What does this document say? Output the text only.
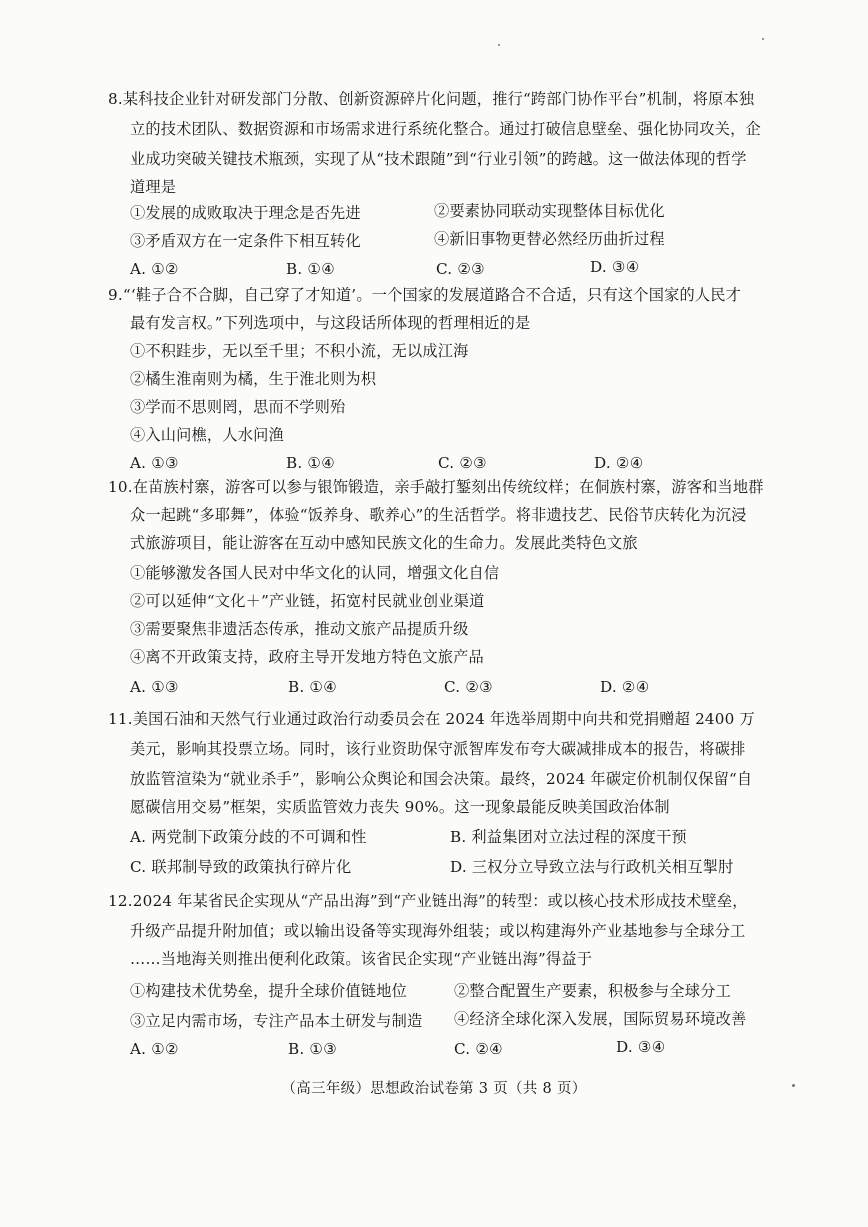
8.某科技企业针对研发部门分散、创新资源碎片化问题，推行“跨部门协作平台”机制，将原本独
立的技术团队、数据资源和市场需求进行系统化整合。通过打破信息壁垒、强化协同攻关，企
业成功突破关键技术瓶颈，实现了从“技术跟随”到“行业引领”的跨越。这一做法体现的哲学
道理是
①发展的成败取决于理念是否先进	②要素协同联动实现整体目标优化
③矛盾双方在一定条件下相互转化	④新旧事物更替必然经历曲折过程
A. ①②	B. ①④	C. ②③	D. ③④
9.“‘鞋子合不合脚，自己穿了才知道’。一个国家的发展道路合不合适，只有这个国家的人民才
最有发言权。”下列选项中，与这段话所体现的哲理相近的是
①不积跬步，无以至千里；不积小流，无以成江海
②橘生淮南则为橘，生于淮北则为枳
③学而不思则罔，思而不学则殆
④入山问樵，人水问渔
A. ①③	B. ①④	C. ②③	D. ②④
10.在苗族村寨，游客可以参与银饰锻造，亲手敲打錾刻出传统纹样；在侗族村寨，游客和当地群
众一起跳“多耶舞”，体验“饭养身、歌养心”的生活哲学。将非遗技艺、民俗节庆转化为沉浸
式旅游项目，能让游客在互动中感知民族文化的生命力。发展此类特色文旅
①能够激发各国人民对中华文化的认同，增强文化自信
②可以延伸“文化＋”产业链，拓宽村民就业创业渠道
③需要聚焦非遗活态传承，推动文旅产品提质升级
④离不开政策支持，政府主导开发地方特色文旅产品
A. ①③	B. ①④	C. ②③	D. ②④
11.美国石油和天然气行业通过政治行动委员会在 2024 年选举周期中向共和党捐赠超 2400 万
美元，影响其投票立场。同时，该行业资助保守派智库发布夸大碳减排成本的报告，将碳排
放监管渲染为“就业杀手”，影响公众舆论和国会决策。最终，2024 年碳定价机制仅保留“自
愿碳信用交易”框架，实质监管效力丧失 90%。这一现象最能反映美国政治体制
A. 两党制下政策分歧的不可调和性	B. 利益集团对立法过程的深度干预
C. 联邦制导致的政策执行碎片化	D. 三权分立导致立法与行政机关相互掣肘
12.2024 年某省民企实现从“产品出海”到“产业链出海”的转型：或以核心技术形成技术壁垒，
升级产品提升附加值；或以输出设备等实现海外组装；或以构建海外产业基地参与全球分工
……当地海关则推出便利化政策。该省民企实现“产业链出海”得益于
①构建技术优势垒，提升全球价值链地位	②整合配置生产要素，积极参与全球分工
③立足内需市场，专注产品本土研发与制造 ④经济全球化深入发展，国际贸易环境改善
A. ①②	B. ①③	C. ②④	D. ③④
（高三年级）思想政治试卷第 3 页（共 8 页）
